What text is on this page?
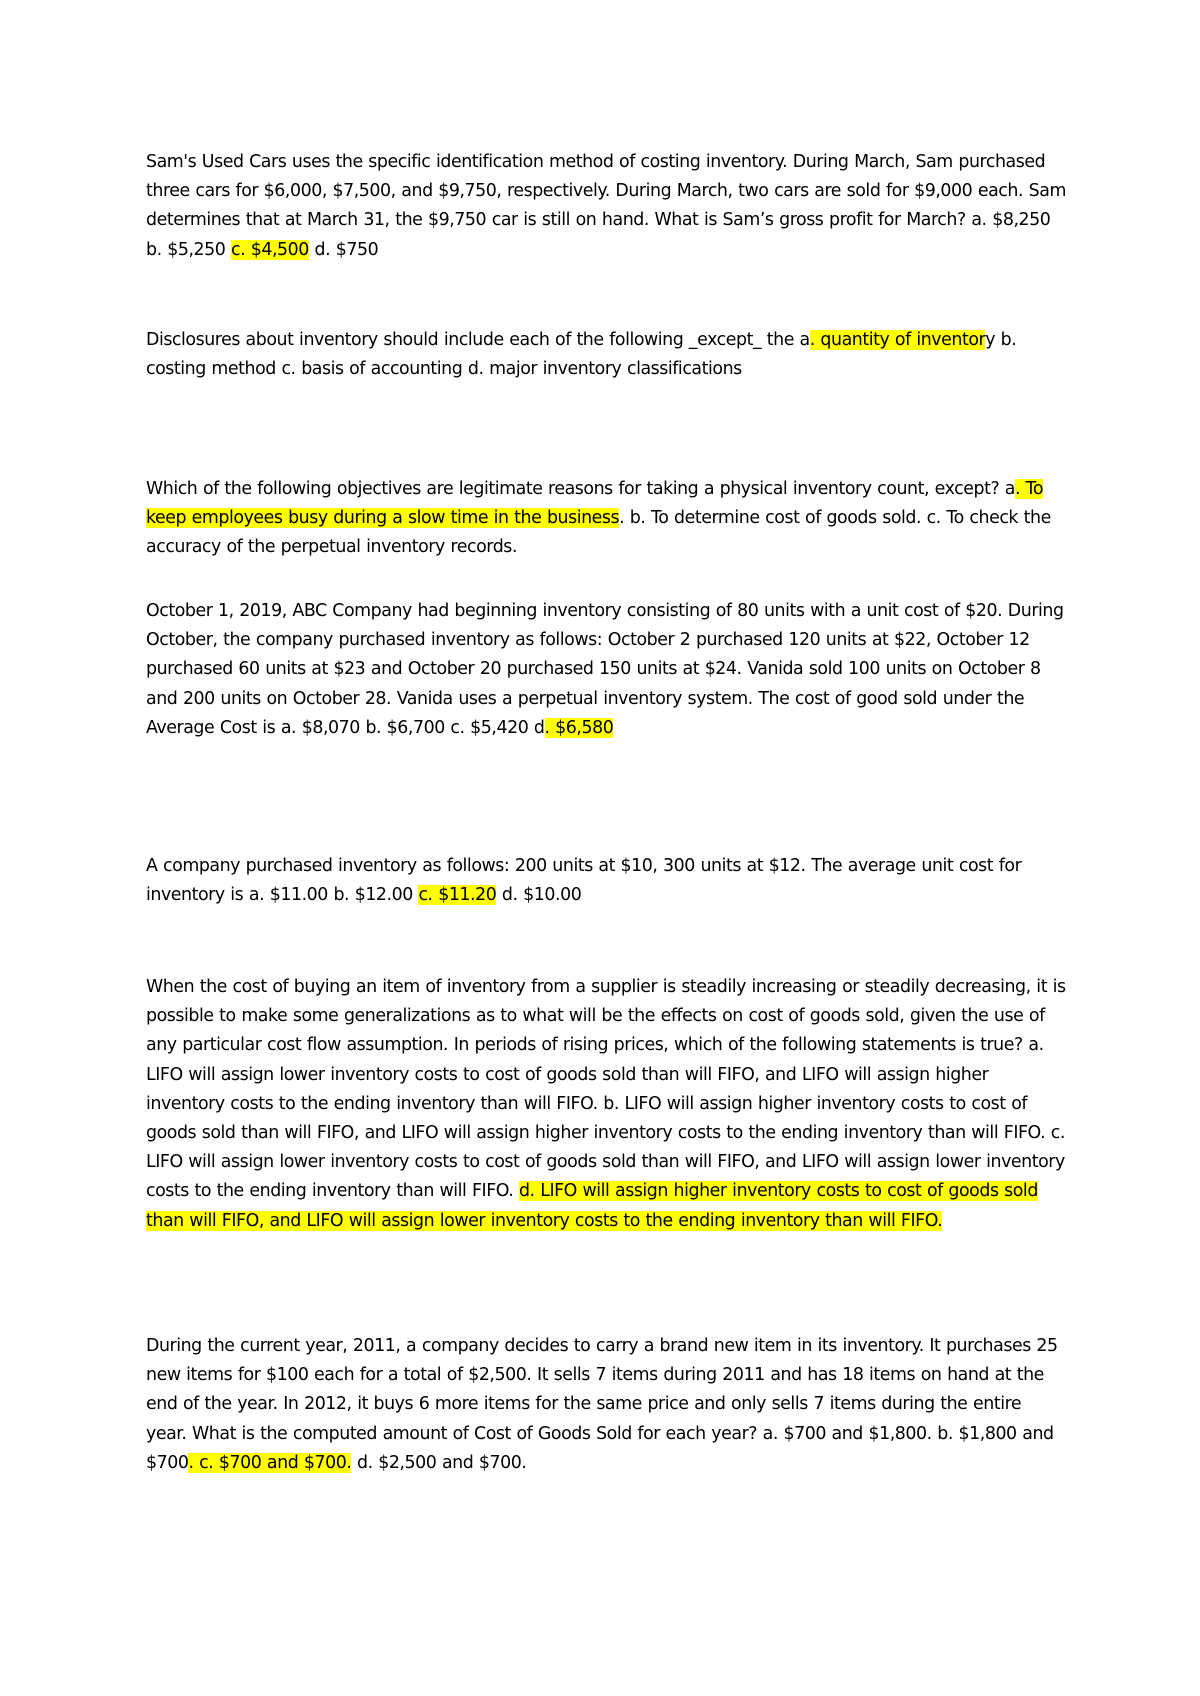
Sam's Used Cars uses the specific identification method of costing inventory. During March, Sam purchased three cars for $6,000, $7,500, and $9,750, respectively. During March, two cars are sold for $9,000 each. Sam determines that at March 31, the $9,750 car is still on hand. What is Sam’s gross profit for March? a. $8,250 b. $5,250 c. $4,500 d. $750

Disclosures about inventory should include each of the following _except_ the a. quantity of inventory b. costing method c. basis of accounting d. major inventory classifications

Which of the following objectives are legitimate reasons for taking a physical inventory count, except? a. To keep employees busy during a slow time in the business. b. To determine cost of goods sold. c. To check the accuracy of the perpetual inventory records.

October 1, 2019, ABC Company had beginning inventory consisting of 80 units with a unit cost of $20. During October, the company purchased inventory as follows: October 2 purchased 120 units at $22, October 12 purchased 60 units at $23 and October 20 purchased 150 units at $24. Vanida sold 100 units on October 8 and 200 units on October 28. Vanida uses a perpetual inventory system. The cost of good sold under the Average Cost is a. $8,070 b. $6,700 c. $5,420 d. $6,580

A company purchased inventory as follows: 200 units at $10, 300 units at $12. The average unit cost for inventory is a. $11.00 b. $12.00 c. $11.20 d. $10.00

When the cost of buying an item of inventory from a supplier is steadily increasing or steadily decreasing, it is possible to make some generalizations as to what will be the effects on cost of goods sold, given the use of any particular cost flow assumption. In periods of rising prices, which of the following statements is true? a. LIFO will assign lower inventory costs to cost of goods sold than will FIFO, and LIFO will assign higher inventory costs to the ending inventory than will FIFO. b. LIFO will assign higher inventory costs to cost of goods sold than will FIFO, and LIFO will assign higher inventory costs to the ending inventory than will FIFO. c. LIFO will assign lower inventory costs to cost of goods sold than will FIFO, and LIFO will assign lower inventory costs to the ending inventory than will FIFO. d. LIFO will assign higher inventory costs to cost of goods sold than will FIFO, and LIFO will assign lower inventory costs to the ending inventory than will FIFO.

During the current year, 2011, a company decides to carry a brand new item in its inventory. It purchases 25 new items for $100 each for a total of $2,500. It sells 7 items during 2011 and has 18 items on hand at the end of the year. In 2012, it buys 6 more items for the same price and only sells 7 items during the entire year. What is the computed amount of Cost of Goods Sold for each year? a. $700 and $1,800. b. $1,800 and $700. c. $700 and $700. d. $2,500 and $700.
